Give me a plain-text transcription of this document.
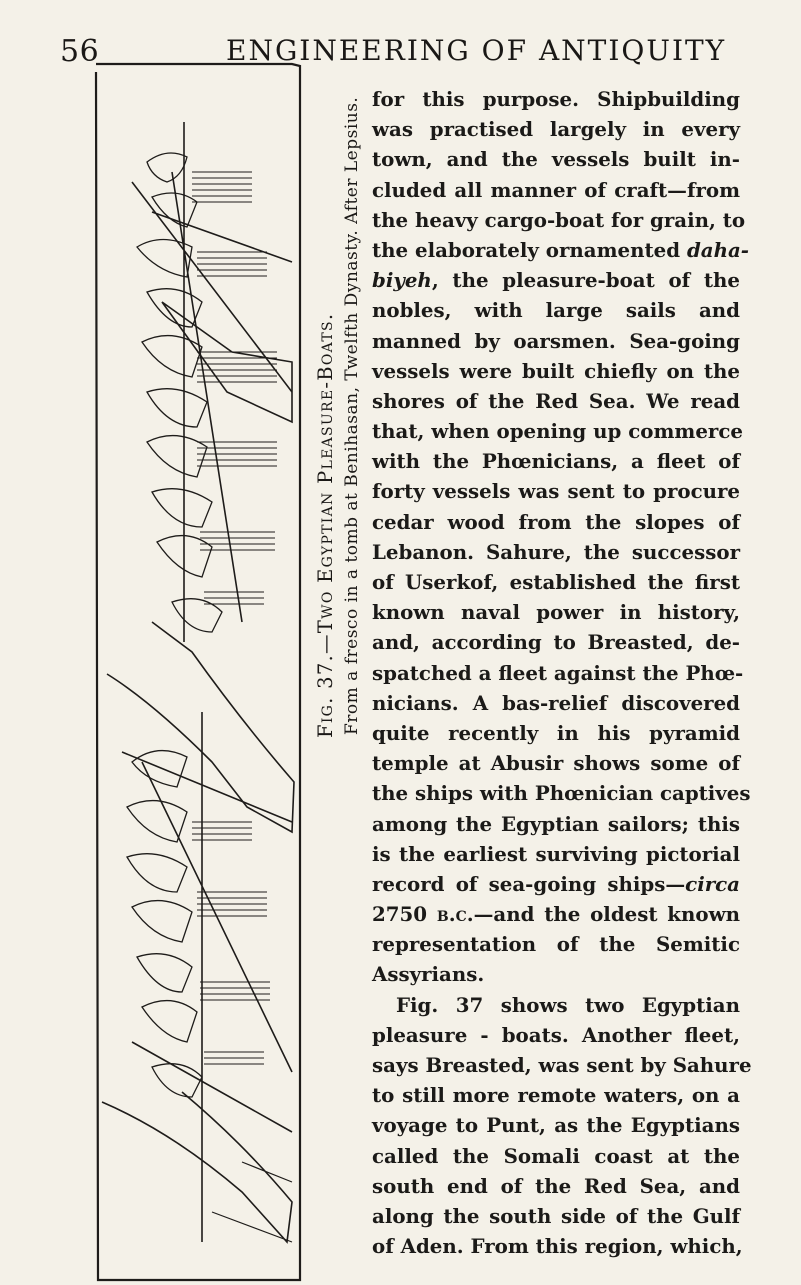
56	ENGINEERING OF ANTIQUITY
Fig. 37.—Two Egyptian Pleasure-Boats. From a fresco in a tomb at Benihasan, Twelfth Dynasty. After Lepsius. for this purpose. Shipbuilding
was practised largely in every
town, and the vessels built in-
cluded all manner of craft—from
the heavy cargo-boat for grain, to
the elaborately ornamented daha-
biyeh, the pleasure-boat of the
nobles, with large sails and
manned by oarsmen. Sea-going
vessels were built chiefly on the
shores of the Red Sea. We read
that, when opening up commerce
with the Phœnicians, a fleet of
forty vessels was sent to procure
cedar wood from the slopes of
Lebanon. Sahure, the successor
of Userkof, established the first
known naval power in history,
and, according to Breasted, de-
spatched a fleet against the Phœ-
nicians. A bas-relief discovered
quite recently in his pyramid
temple at Abusir shows some of
the ships with Phœnician captives
among the Egyptian sailors; this
is the earliest surviving pictorial
record of sea-going ships—circa
2750 b.c.—and the oldest known
representation of the Semitic
Assyrians.
Fig. 37 shows two Egyptian
pleasure - boats. Another fleet,
says Breasted, was sent by Sahure
to still more remote waters, on a
voyage to Punt, as the Egyptians
called the Somali coast at the
south end of the Red Sea, and
along the south side of the Gulf
of Aden. From this region, which,
